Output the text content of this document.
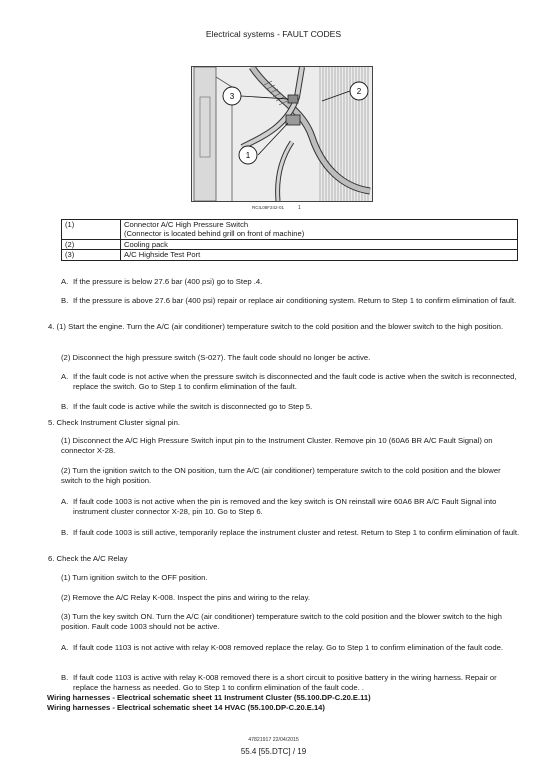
Electrical systems - FAULT CODES
1
2
3
RCIL08F242-01	1
(1)	Connector A/C High Pressure Switch
(Connector is located behind grill on front of machine)

(2)	Cooling pack
(3)	A/C Highside Test Port
A. If the pressure is below 27.6 bar (400 psi) go to Step .4.
B. If the pressure is above 27.6 bar (400 psi) repair or replace air conditioning system. Return to Step 1 to confirm elimination of fault.
4. (1) Start the engine. Turn the A/C (air conditioner) temperature switch to the cold position and the blower switch to the high position.
(2) Disconnect the high pressure switch (S-027). The fault code should no longer be active.
A. If the fault code is not active when the pressure switch is disconnected and the fault code is active when the switch is reconnected, replace the switch. Go to Step 1 to confirm elimination of the fault.
B. If the fault code is active while the switch is disconnected go to Step 5.
5. Check Instrument Cluster signal pin.
(1) Disconnect the A/C High Pressure Switch input pin to the Instrument Cluster. Remove pin 10 (60A6 BR A/C Fault Signal) on connector X-28.
(2) Turn the ignition switch to the ON position, turn the A/C (air conditioner) temperature switch to the cold position and the blower switch to the high position.
A. If fault code 1003 is not active when the pin is removed and the key switch is ON reinstall wire 60A6 BR A/C Fault Signal into instrument cluster connector X-28, pin 10. Go to Step 6.
B. If fault code 1003 is still active, temporarily replace the instrument cluster and retest. Return to Step 1 to confirm elimination of fault.
6. Check the A/C Relay
(1) Turn ignition switch to the OFF position.
(2) Remove the A/C Relay K-008. Inspect the pins and wiring to the relay.
(3) Turn the key switch ON. Turn the A/C (air conditioner) temperature switch to the cold position and the blower switch to the high position. Fault code 1003 should not be active.
A. If fault code 1103 is not active with relay K-008 removed replace the relay. Go to Step 1 to confirm elimination of the fault code.
B. If fault code 1103 is active with relay K-008 removed there is a short circuit to positive battery in the wiring harness. Repair or replace the harness as needed. Go to Step 1 to confirm elimination of the fault code. .
Wiring harnesses - Electrical schematic sheet 11 Instrument Cluster (55.100.DP-C.20.E.11)
Wiring harnesses - Electrical schematic sheet 14 HVAC (55.100.DP-C.20.E.14)
47821917 22/04/2015
55.4 [55.DTC] / 19
